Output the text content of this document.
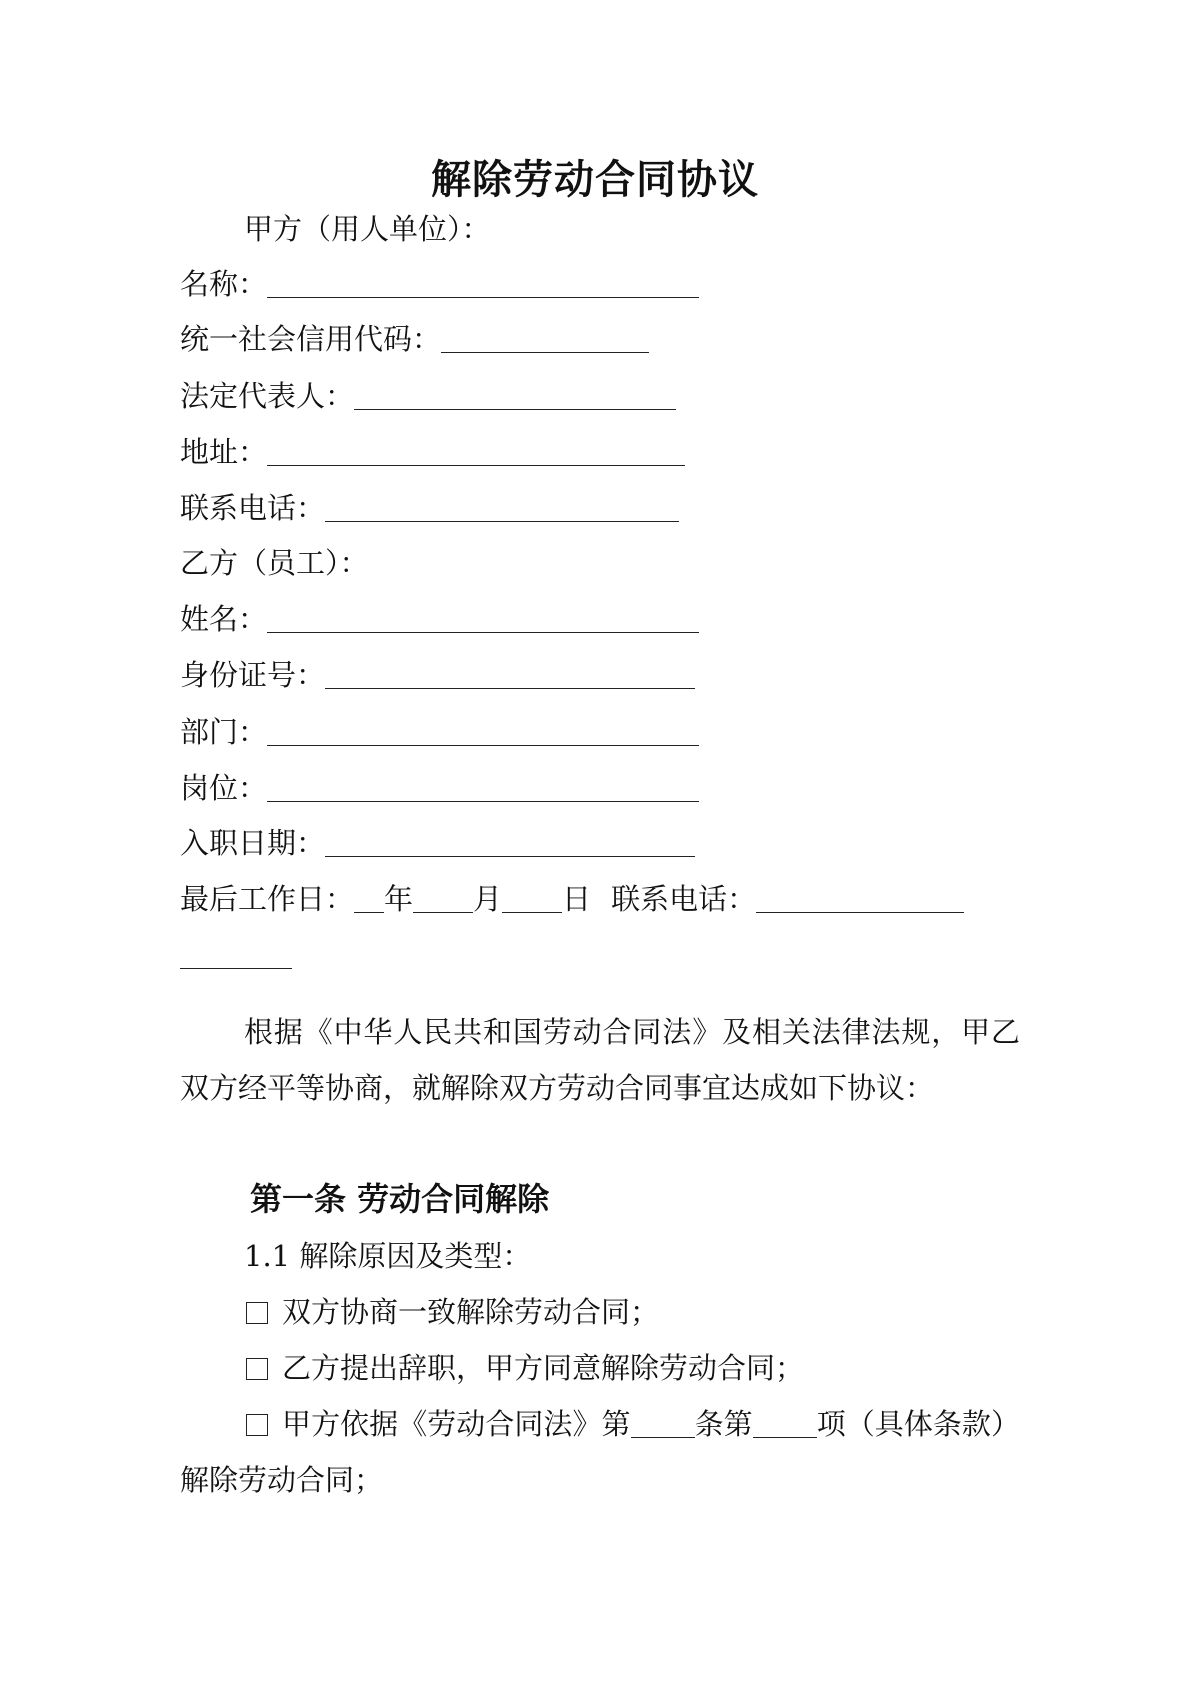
解除劳动合同协议
甲方（用人单位）：
名称：
统一社会信用代码：
法定代表人：
地址：
联系电话：
乙方（员工）：
姓名：
身份证号：
部门：
岗位：
入职日期：
最后工作日： 年 月 日 联系电话：
根据《中华人民共和国劳动合同法》及相关法律法规，甲乙双方经平等协商，就解除双方劳动合同事宜达成如下协议：
第一条 劳动合同解除
1.1 解除原因及类型：
双方协商一致解除劳动合同；
乙方提出辞职，甲方同意解除劳动合同；
甲方依据《劳动合同法》第 条第 项（具体条款）解除劳动合同；
